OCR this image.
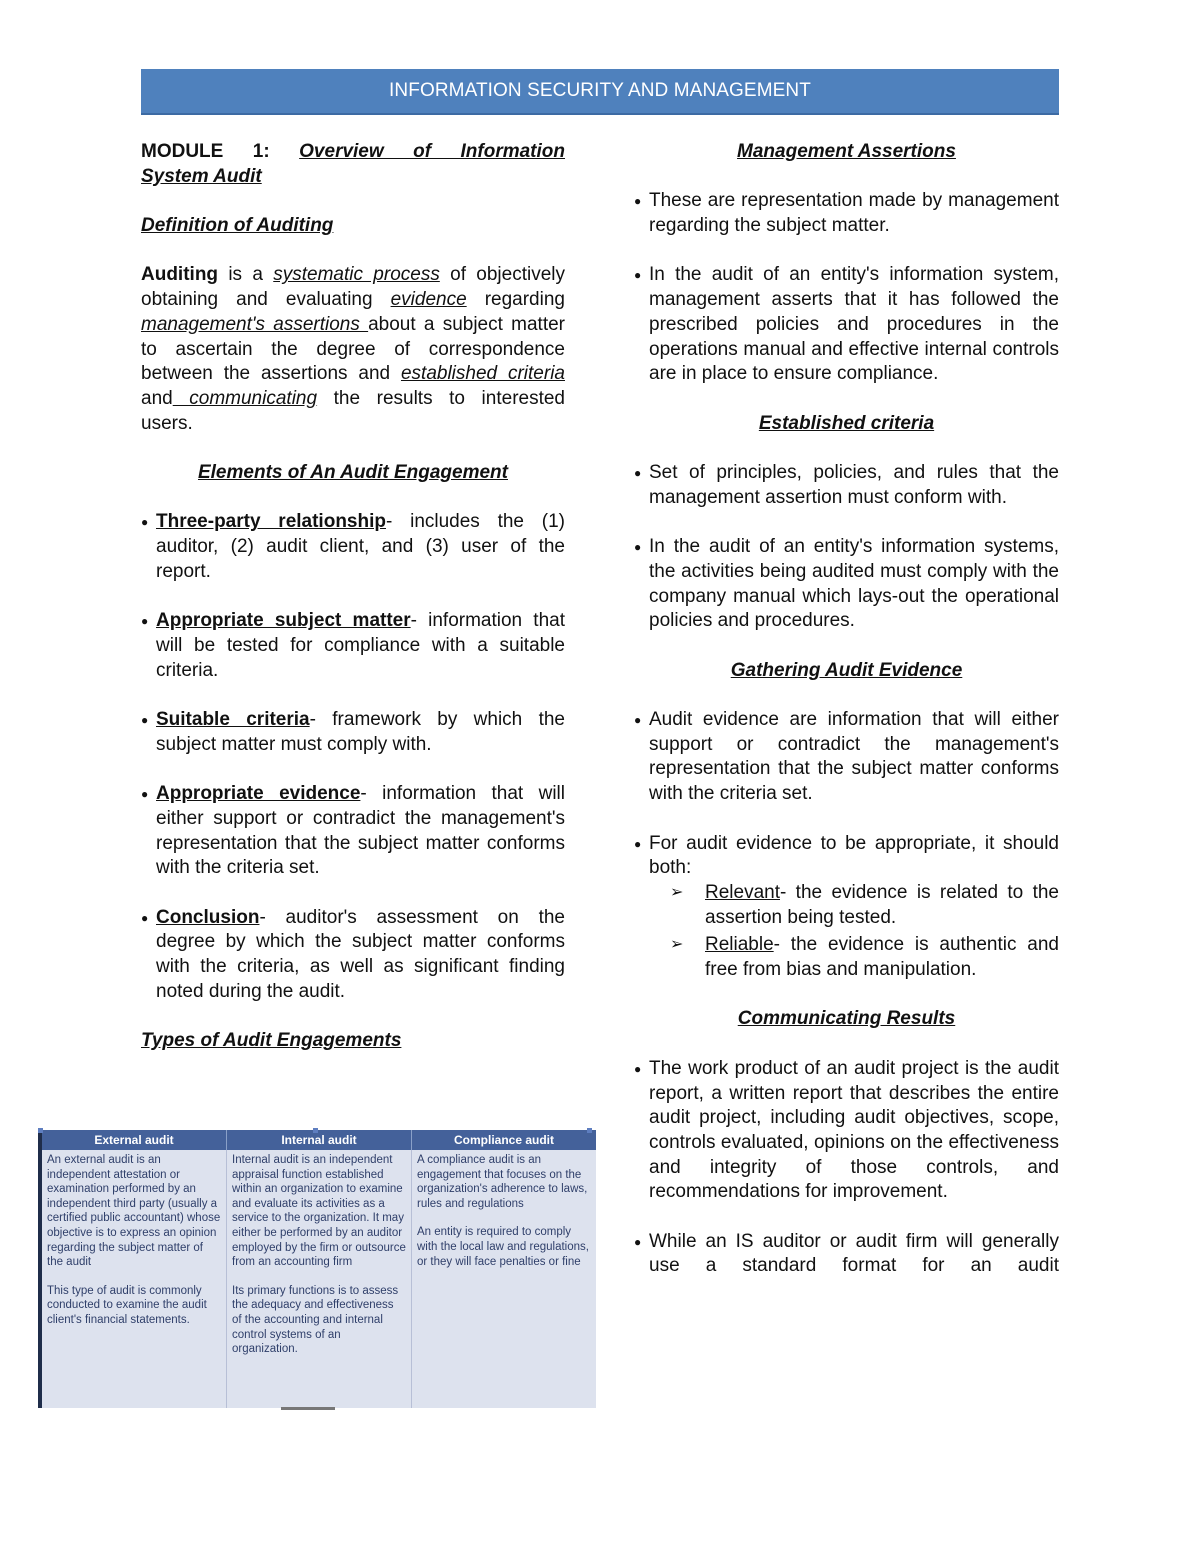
INFORMATION SECURITY AND MANAGEMENT

MODULE 1: Overview of Information

System Audit

Definition of Auditing

Auditing is a systematic process of objectively obtaining and evaluating evidence regarding management's assertions about a subject matter to ascertain the degree of correspondence between the assertions and established criteria and communicating the results to interested users.

Elements of An Audit Engagement

● Three-party relationship- includes the (1) auditor, (2) audit client, and (3) user of the report.
● Appropriate subject matter- information that will be tested for compliance with a suitable criteria.
● Suitable criteria- framework by which the subject matter must comply with.
● Appropriate evidence- information that will either support or contradict the management's representation that the subject matter conforms with the criteria set.
● Conclusion- auditor's assessment on the degree by which the subject matter conforms with the criteria, as well as significant finding noted during the audit.

Types of Audit Engagements

External audit	Internal audit	Compliance audit

An external audit is an independent attestation or examination performed by an independent third party (usually a certified public accountant) whose objective is to express an opinion regarding the subject matter of the audit

This type of audit is commonly conducted to examine the audit client's financial statements.

Internal audit is an independent appraisal function established within an organization to examine and evaluate its activities as a service to the organization. It may either be performed by an auditor employed by the firm or outsource from an accounting firm

Its primary functions is to assess the adequacy and effectiveness of the accounting and internal control systems of an organization.

A compliance audit is an engagement that focuses on the organization's adherence to laws, rules and regulations

An entity is required to comply with the local law and regulations, or they will face penalties or fine

Management Assertions

● These are representation made by management regarding the subject matter.
● In the audit of an entity's information system, management asserts that it has followed the prescribed policies and procedures in the operations manual and effective internal controls are in place to ensure compliance.

Established criteria

● Set of principles, policies, and rules that the management assertion must conform with.
● In the audit of an entity's information systems, the activities being audited must comply with the company manual which lays-out the operational policies and procedures.

Gathering Audit Evidence

● Audit evidence are information that will either support or contradict the management's representation that the subject matter conforms with the criteria set.
● For audit evidence to be appropriate, it should both:
➢ Relevant- the evidence is related to the assertion being tested.
➢ Reliable- the evidence is authentic and free from bias and manipulation.

Communicating Results

● The work product of an audit project is the audit report, a written report that describes the entire audit project, including audit objectives, scope, controls evaluated, opinions on the effectiveness and integrity of those controls, and recommendations for improvement.
● While an IS auditor or audit firm will generally use a standard format for an audit
